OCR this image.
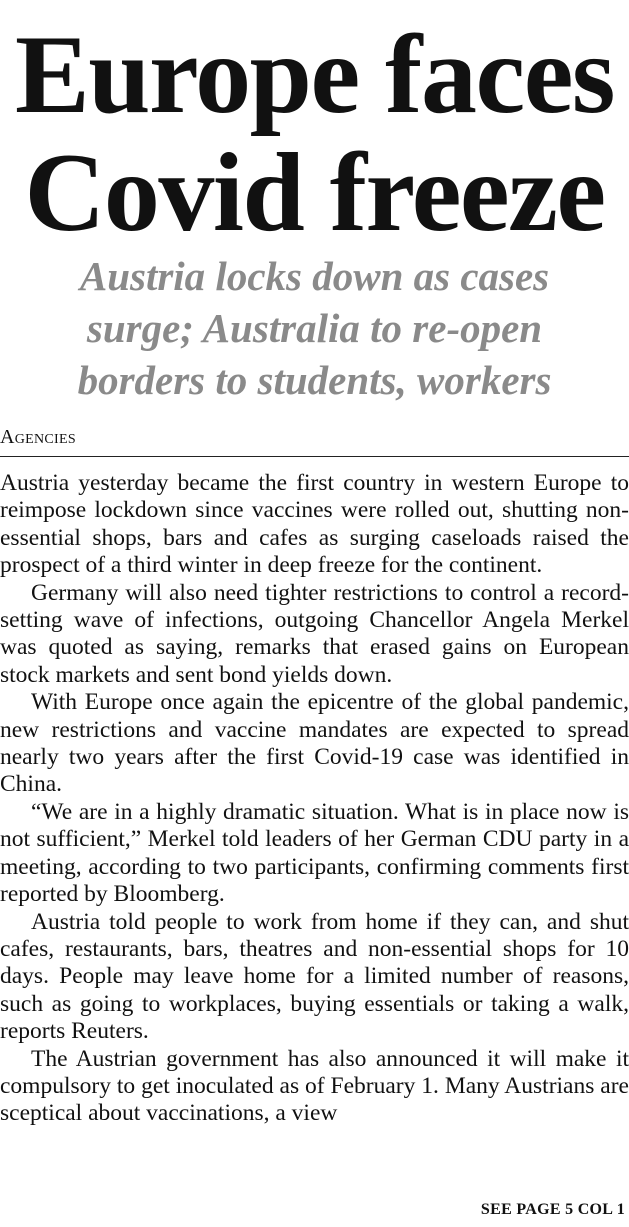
Europe faces
Covid freeze
Austria locks down as cases
surge; Australia to re-open
borders to students, workers
Agencies

Austria yesterday became the first country in western Europe to reimpose lockdown since vaccines were rolled out, shutting non-essential shops, bars and cafes as surging caseloads raised the prospect of a third winter in deep freeze for the continent.

Germany will also need tighter restrictions to control a record-setting wave of infections, outgoing Chancellor Angela Merkel was quoted as saying, remarks that erased gains on European stock markets and sent bond yields down.

With Europe once again the epicentre of the global pandemic, new restrictions and vaccine mandates are expected to spread nearly two years after the first Covid-19 case was identified in China.

“We are in a highly dramatic situation. What is in place now is not sufficient,” Merkel told leaders of her German CDU party in a meeting, according to two participants, confirming comments first reported by Bloomberg.

Austria told people to work from home if they can, and shut cafes, restaurants, bars, theatres and non-essential shops for 10 days. People may leave home for a limited number of reasons, such as going to workplaces, buying essentials or taking a walk, reports Reuters.

The Austrian government has also announced it will make it compulsory to get inoculated as of February 1. Many Austrians are sceptical about vaccinations, a view

SEE PAGE 5 COL 1
